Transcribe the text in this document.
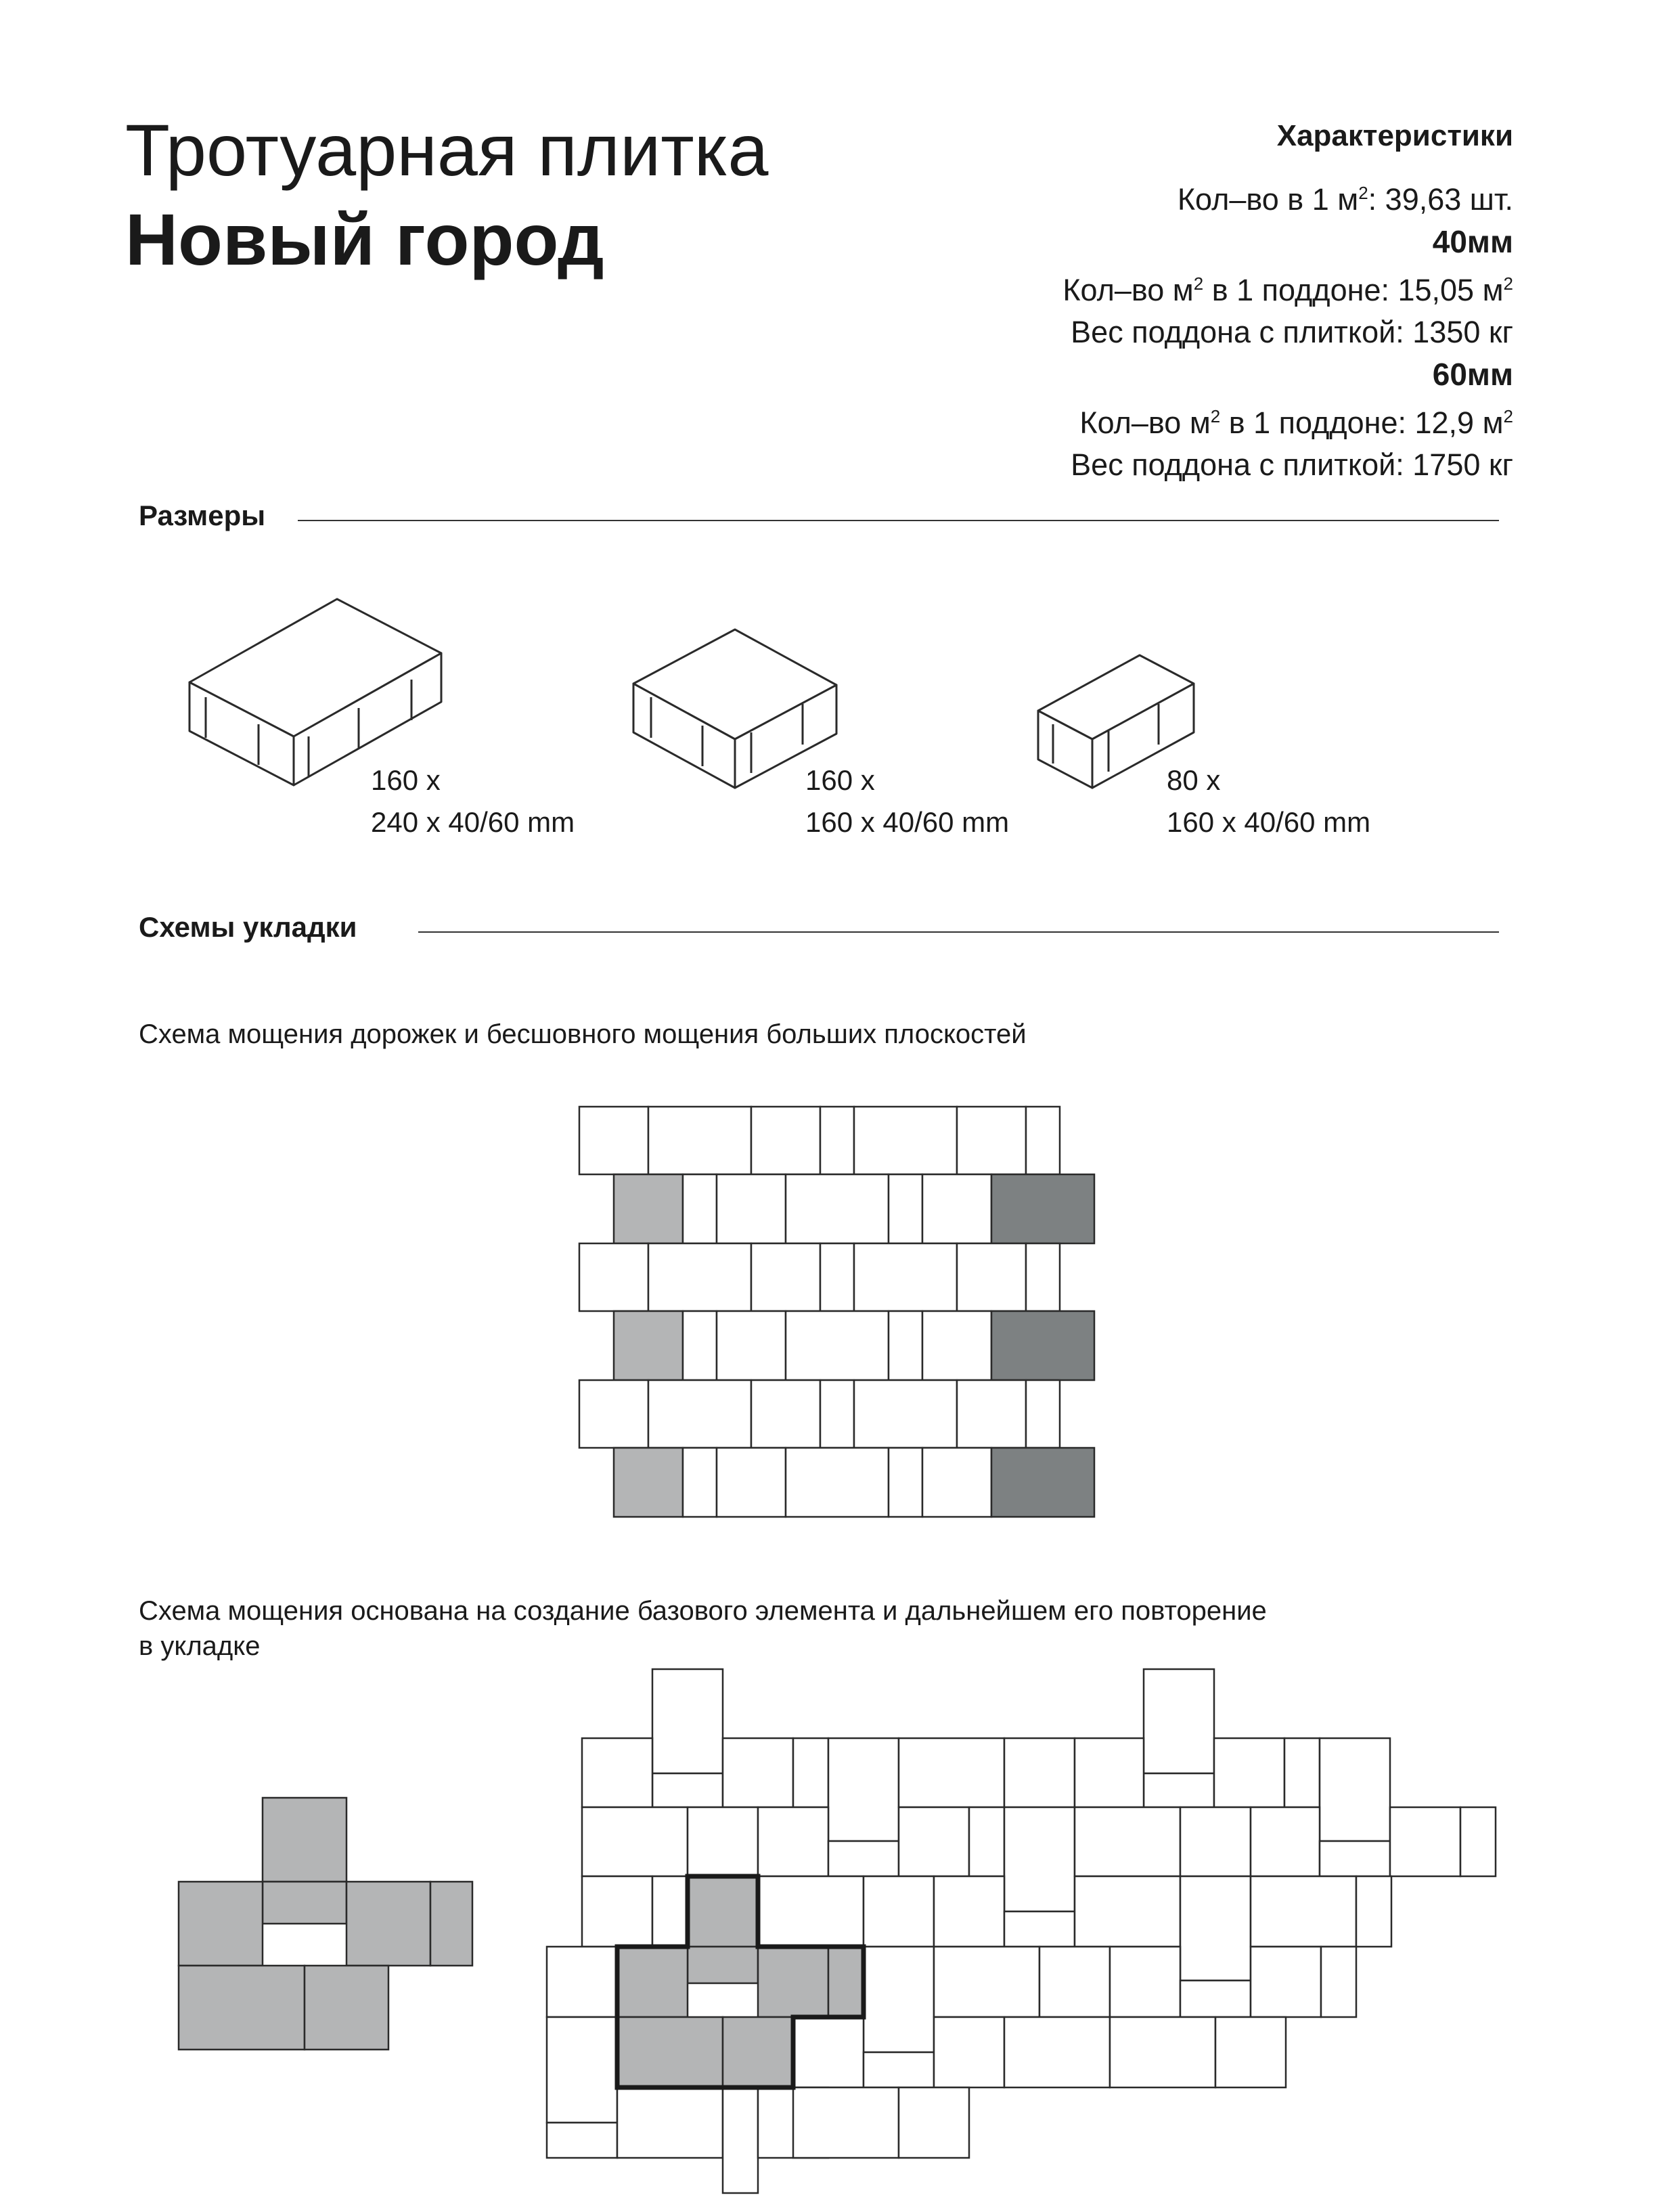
Тротуарная плитка
Новый город
Характеристики
Кол–во в 1 $м^2$: 39,63 шт.
40мм
Кол–во $м^2$ в 1 поддоне: 15,05 $м^2$
Вес поддона с плиткой: 1350 кг
60мм
Кол–во $м^2$ в 1 поддоне: 12,9 $м^2$
Вес поддона с плиткой: 1750 кг
Размеры
160 x
240 x 40/60 mm
160 x
160 x 40/60 mm
80 x
160 x 40/60 mm
Схемы укладки
Схема мощения дорожек и бесшовного мощения больших плоскостей
Схема мощения основана на создание базового элемента и дальнейшем его повторение
в укладке
